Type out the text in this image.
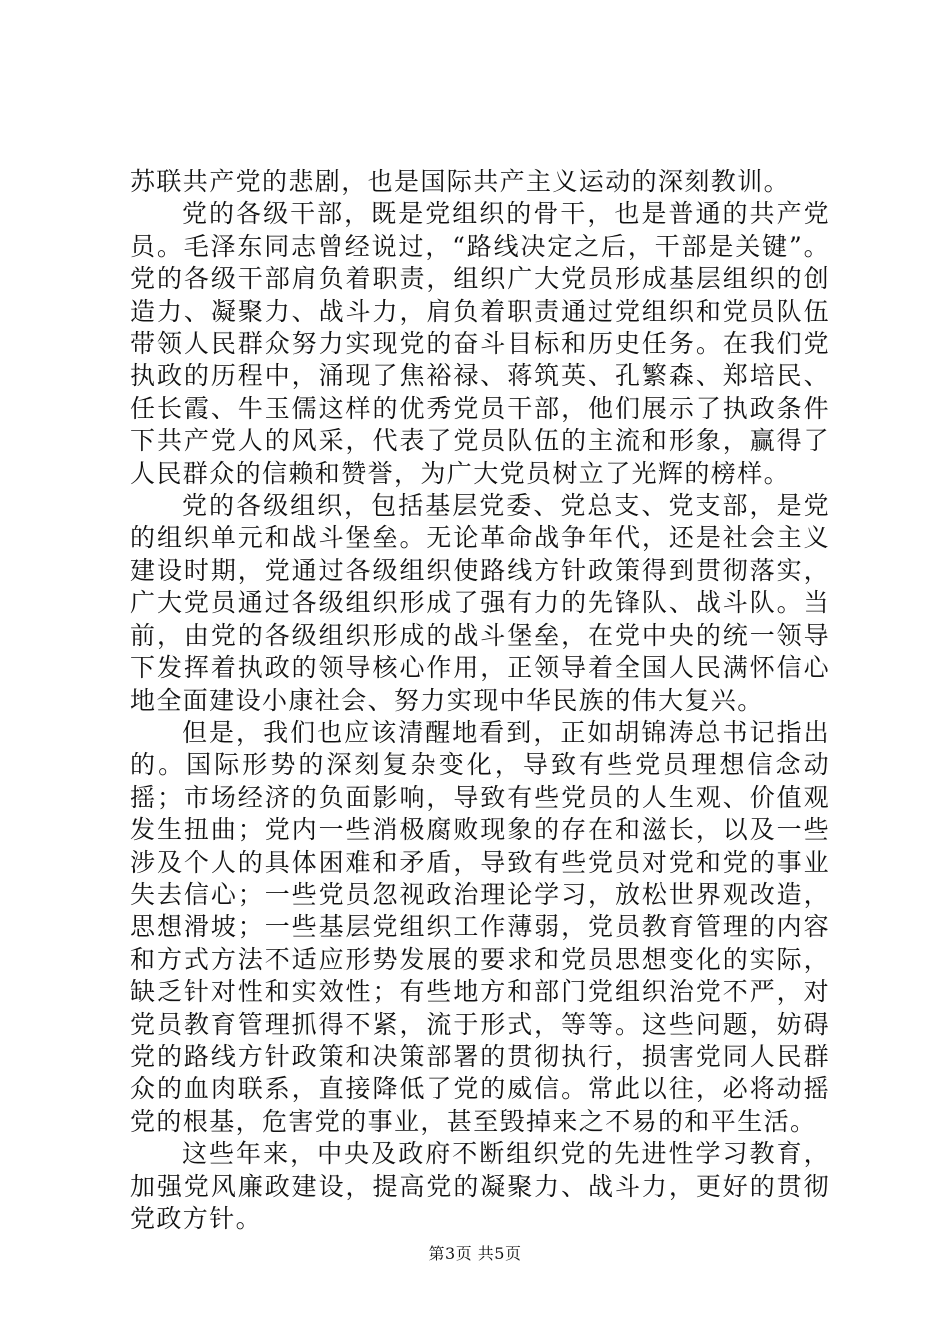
苏联共产党的悲剧，也是国际共产主义运动的深刻教训。

党的各级干部，既是党组织的骨干，也是普通的共产党员。毛泽东同志曾经说过，“路线决定之后，干部是关键”。党的各级干部肩负着职责，组织广大党员形成基层组织的创造力、凝聚力、战斗力，肩负着职责通过党组织和党员队伍带领人民群众努力实现党的奋斗目标和历史任务。在我们党执政的历程中，涌现了焦裕禄、蒋筑英、孔繁森、郑培民、任长霞、牛玉儒这样的优秀党员干部，他们展示了执政条件下共产党人的风采，代表了党员队伍的主流和形象，赢得了人民群众的信赖和赞誉，为广大党员树立了光辉的榜样。

党的各级组织，包括基层党委、党总支、党支部，是党的组织单元和战斗堡垒。无论革命战争年代，还是社会主义建设时期，党通过各级组织使路线方针政策得到贯彻落实，广大党员通过各级组织形成了强有力的先锋队、战斗队。当前，由党的各级组织形成的战斗堡垒，在党中央的统一领导下发挥着执政的领导核心作用，正领导着全国人民满怀信心地全面建设小康社会、努力实现中华民族的伟大复兴。

但是，我们也应该清醒地看到，正如胡锦涛总书记指出的。国际形势的深刻复杂变化，导致有些党员理想信念动摇；市场经济的负面影响，导致有些党员的人生观、价值观发生扭曲；党内一些消极腐败现象的存在和滋长，以及一些涉及个人的具体困难和矛盾，导致有些党员对党和党的事业失去信心；一些党员忽视政治理论学习，放松世界观改造，思想滑坡；一些基层党组织工作薄弱，党员教育管理的内容和方式方法不适应形势发展的要求和党员思想变化的实际，缺乏针对性和实效性；有些地方和部门党组织治党不严，对党员教育管理抓得不紧，流于形式，等等。这些问题，妨碍党的路线方针政策和决策部署的贯彻执行，损害党同人民群众的血肉联系，直接降低了党的威信。常此以往，必将动摇党的根基，危害党的事业，甚至毁掉来之不易的和平生活。

这些年来，中央及政府不断组织党的先进性学习教育，加强党风廉政建设，提高党的凝聚力、战斗力，更好的贯彻党政方针。

第3页 共5页
